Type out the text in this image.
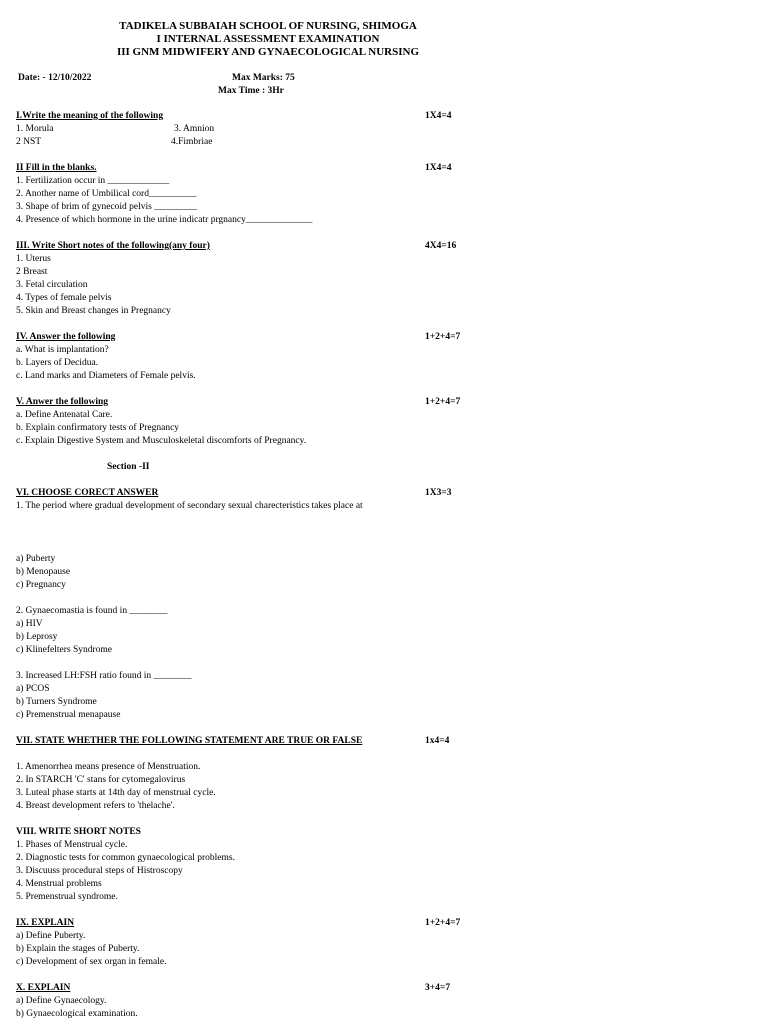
TADIKELA SUBBAIAH SCHOOL OF NURSING, SHIMOGA
I INTERNAL ASSESSMENT EXAMINATION
III GNM MIDWIFERY AND GYNAECOLOGICAL NURSING
Date: - 12/10/2022	Max Marks: 75
Max Time : 3Hr
I.Write the meaning of the following	1X4=4
1. Morula	3. Amnion
2 NST	4.Fimbriae
II Fill in the blanks.	1X4=4
1. Fertilization occur in _____________
2. Another name of Umbilical cord__________
3. Shape of brim of gynecoid pelvis _________
4. Presence of which hormone in the urine indicatr prgnancy______________
III. Write Short notes of the following(any four)	4X4=16
1. Uterus
2 Breast
3. Fetal circulation
4. Types of female pelvis
5. Skin and Breast changes in Pregnancy
IV. Answer the following	1+2+4=7
a. What is implantation?
b. Layers of Decidua.
c. Land marks and Diameters of Female pelvis.
V. Anwer the following	1+2+4=7
a. Define Antenatal Care.
b. Explain confirmatory tests of Pregnancy
c. Explain Digestive System and Musculoskeletal discomforts of Pregnancy.
Section -II
VI. CHOOSE CORECT ANSWER	1X3=3
1. The period where gradual development of secondary sexual charecteristics takes place at
a) Puberty
b) Menopause
c) Pregnancy
2. Gynaecomastia is found in ________
a) HIV
b) Leprosy
c) Klinefelters Syndrome
3. Increased LH:FSH ratio found in ________
a) PCOS
b) Turners Syndrome
c) Premenstrual menapause
VII. STATE WHETHER THE FOLLOWING STATEMENT ARE TRUE OR FALSE	1x4=4
1. Amenorrhea means presence of Menstruation.
2. In STARCH 'C' stans for cytomegalovirus
3. Luteal phase starts at 14th day of menstrual cycle.
4. Breast development refers to 'thelache'.
VIII. WRITE SHORT NOTES
1. Phases of Menstrual cycle.
2. Diagnostic tests for common gynaecological problems.
3. Discuuss procedural steps of Histroscopy
4. Menstrual problems
5. Premenstrual syndrome.
IX. EXPLAIN	1+2+4=7
a) Define Puberty.
b) Explain the stages of Puberty.
c) Development of sex organ in female.
X. EXPLAIN	3+4=7
a) Define Gynaecology.
b) Gynaecological examination.
